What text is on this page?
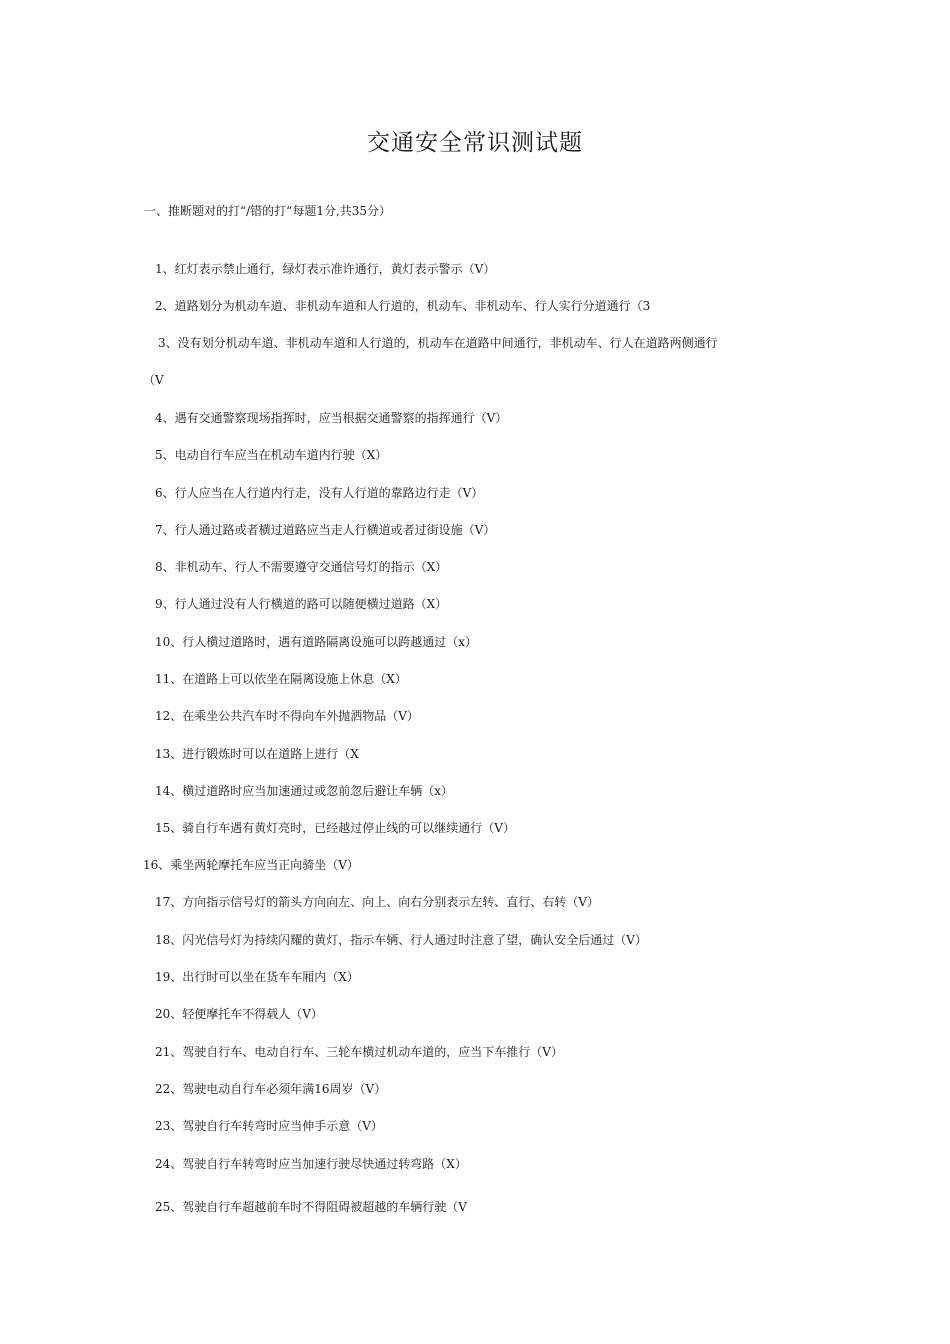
交通安全常识测试题
一、推断题对的打“/错的打“每题1分,共35分）
1、红灯表示禁止通行，绿灯表示准许通行，黄灯表示警示（V）
2、道路划分为机动车道、非机动车道和人行道的，机动车、非机动车、行人实行分道通行（3
3、没有划分机动车道、非机动车道和人行道的，机动车在道路中间通行，非机动车、行人在道路两侧通行
（V
4、遇有交通警察现场指挥时，应当根据交通警察的指挥通行（V）
5、电动自行车应当在机动车道内行驶（X）
6、行人应当在人行道内行走，没有人行道的靠路边行走（V）
7、行人通过路或者横过道路应当走人行横道或者过街设施（V）
8、非机动车、行人不需要遵守交通信号灯的指示（X）
9、行人通过没有人行横道的路可以随便横过道路（X）
10、行人横过道路时，遇有道路隔离设施可以跨越通过（x）
11、在道路上可以依坐在隔离设施上休息（X）
12、在乘坐公共汽车时不得向车外抛洒物品（V）
13、进行锻炼时可以在道路上进行（X
14、横过道路时应当加速通过或忽前忽后避让车辆（x）
15、骑自行车遇有黄灯亮时，已经越过停止线的可以继续通行（V）
16、乘坐两轮摩托车应当正向骑坐（V）
17、方向指示信号灯的箭头方向向左、向上、向右分别表示左转、直行、右转（V）
18、闪光信号灯为持续闪耀的黄灯，指示车辆、行人通过时注意了望，确认安全后通过（V）
19、出行时可以坐在货车车厢内（X）
20、轻便摩托车不得载人（V）
21、驾驶自行车、电动自行车、三轮车横过机动车道的，应当下车推行（V）
22、驾驶电动自行车必须年满16周岁（V）
23、驾驶自行车转弯时应当伸手示意（V）
24、驾驶自行车转弯时应当加速行驶尽快通过转弯路（X）
25、驾驶自行车超越前车时不得阻碍被超越的车辆行驶（V
